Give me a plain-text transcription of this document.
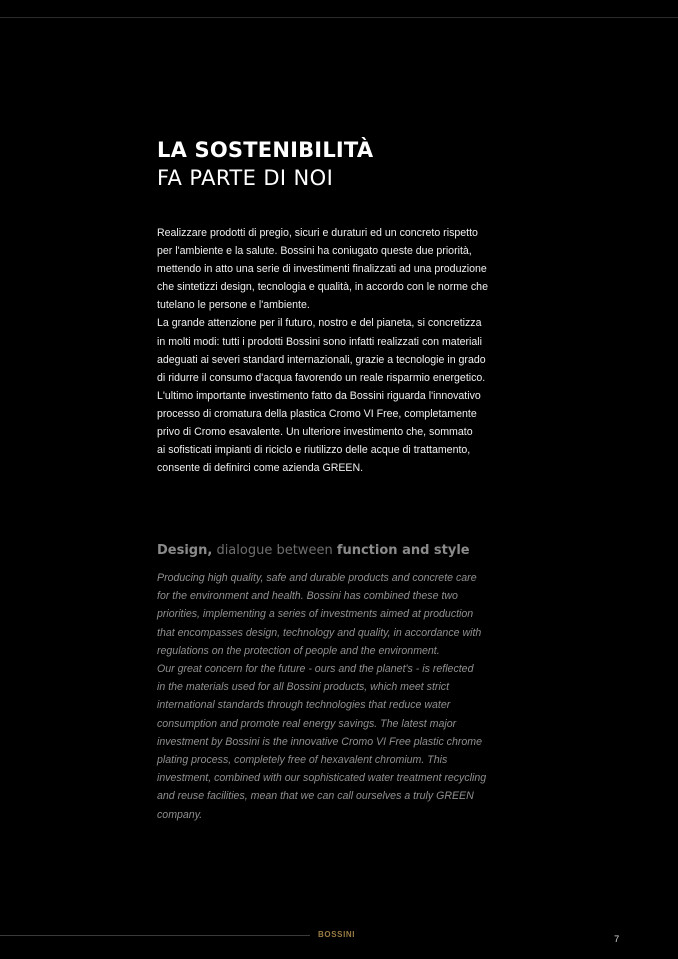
LA SOSTENIBILITÀ
FA PARTE DI NOI
Realizzare prodotti di pregio, sicuri e duraturi ed un concreto rispetto
per l'ambiente e la salute. Bossini ha coniugato queste due priorità,
mettendo in atto una serie di investimenti finalizzati ad una produzione
che sintetizzi design, tecnologia e qualità, in accordo con le norme che
tutelano le persone e l'ambiente.
La grande attenzione per il futuro, nostro e del pianeta, si concretizza
in molti modi: tutti i prodotti Bossini sono infatti realizzati con materiali
adeguati ai severi standard internazionali, grazie a tecnologie in grado
di ridurre il consumo d'acqua favorendo un reale risparmio energetico.
L'ultimo importante investimento fatto da Bossini riguarda l'innovativo
processo di cromatura della plastica Cromo VI Free, completamente
privo di Cromo esavalente. Un ulteriore investimento che, sommato
ai sofisticati impianti di riciclo e riutilizzo delle acque di trattamento,
consente di definirci come azienda GREEN.
Design, dialogue between function and style
Producing high quality, safe and durable products and concrete care
for the environment and health. Bossini has combined these two
priorities, implementing a series of investments aimed at production
that encompasses design, technology and quality, in accordance with
regulations on the protection of people and the environment.
Our great concern for the future - ours and the planet's - is reflected
in the materials used for all Bossini products, which meet strict
international standards through technologies that reduce water
consumption and promote real energy savings. The latest major
investment by Bossini is the innovative Cromo VI Free plastic chrome
plating process, completely free of hexavalent chromium. This
investment, combined with our sophisticated water treatment recycling
and reuse facilities, mean that we can call ourselves a truly GREEN
company.

BOSSINI	7
